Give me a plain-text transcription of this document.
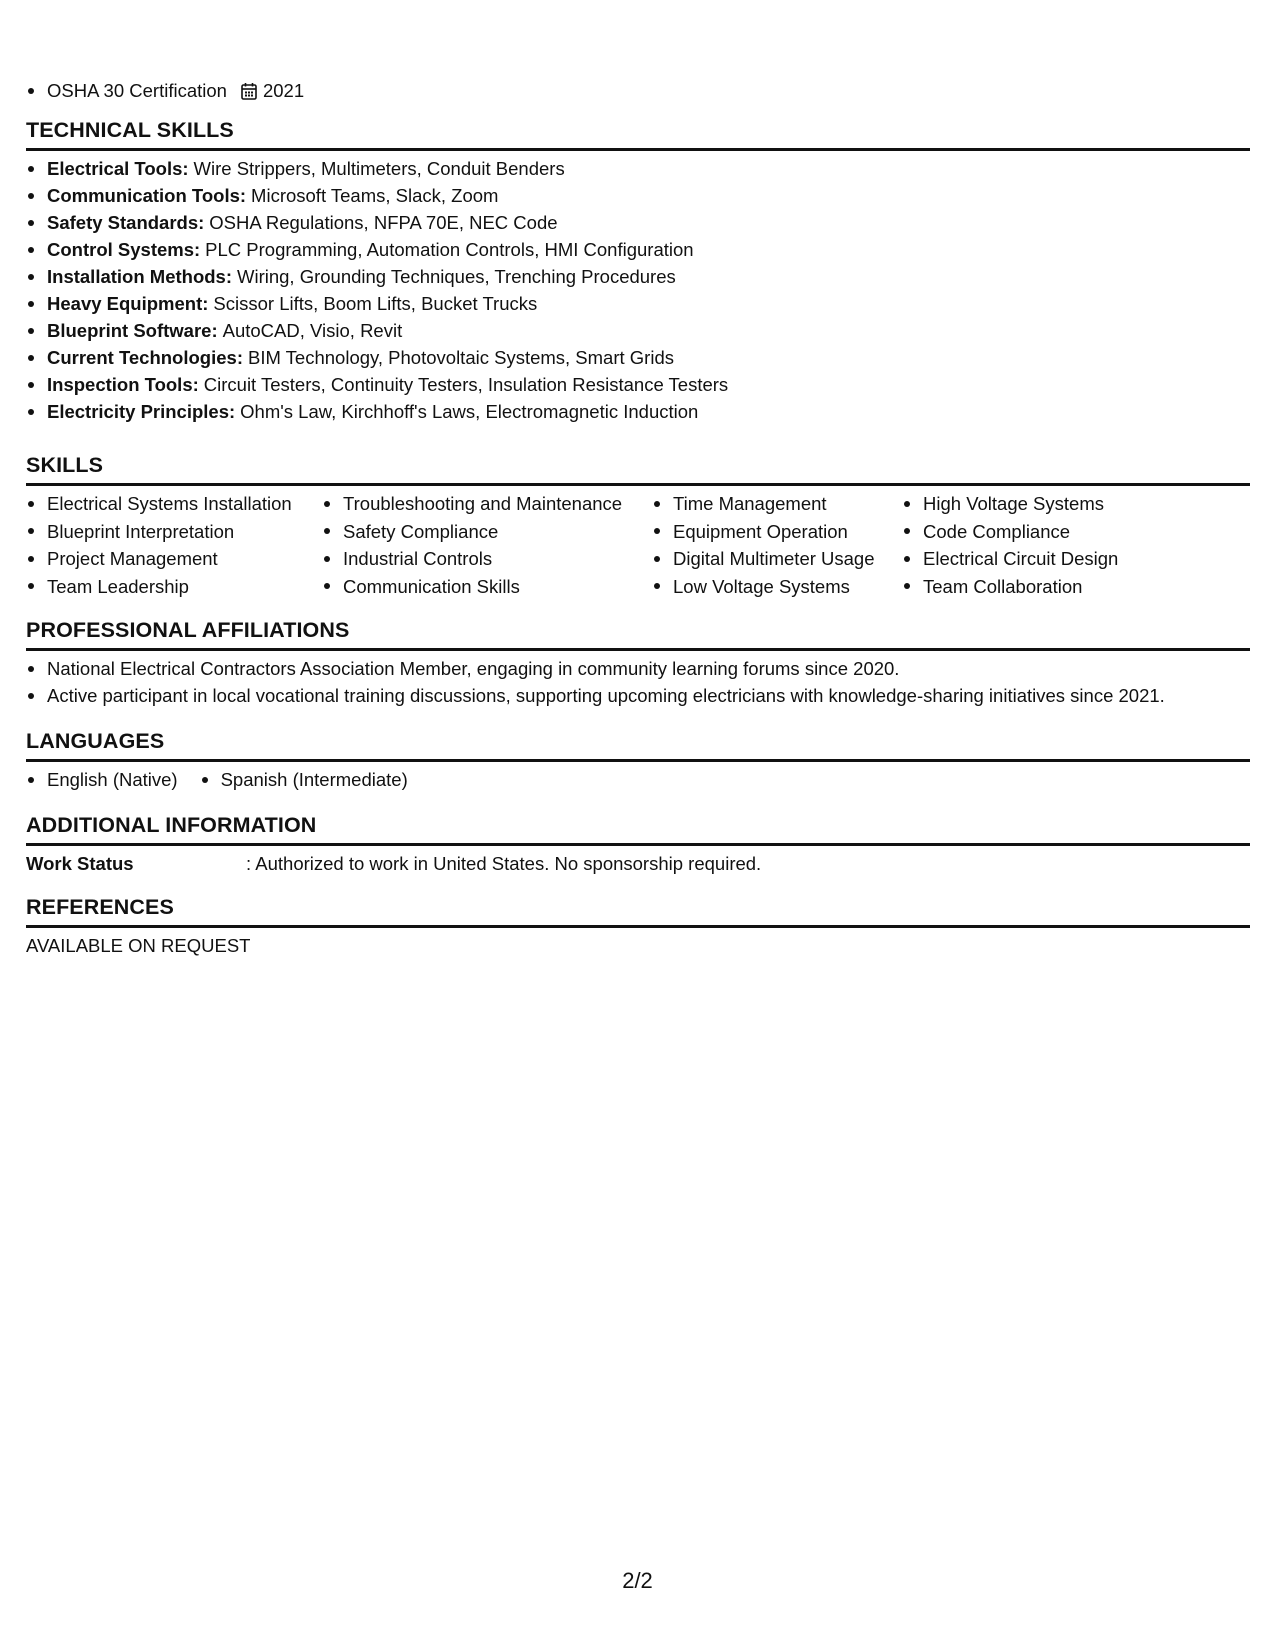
OSHA 30 Certification 2021
TECHNICAL SKILLS
Electrical Tools: Wire Strippers, Multimeters, Conduit Benders
Communication Tools: Microsoft Teams, Slack, Zoom
Safety Standards: OSHA Regulations, NFPA 70E, NEC Code
Control Systems: PLC Programming, Automation Controls, HMI Configuration
Installation Methods: Wiring, Grounding Techniques, Trenching Procedures
Heavy Equipment: Scissor Lifts, Boom Lifts, Bucket Trucks
Blueprint Software: AutoCAD, Visio, Revit
Current Technologies: BIM Technology, Photovoltaic Systems, Smart Grids
Inspection Tools: Circuit Testers, Continuity Testers, Insulation Resistance Testers
Electricity Principles: Ohm's Law, Kirchhoff's Laws, Electromagnetic Induction
SKILLS
Electrical Systems Installation
Blueprint Interpretation
Project Management
Team Leadership
Troubleshooting and Maintenance
Safety Compliance
Industrial Controls
Communication Skills
Time Management
Equipment Operation
Digital Multimeter Usage
Low Voltage Systems
High Voltage Systems
Code Compliance
Electrical Circuit Design
Team Collaboration
PROFESSIONAL AFFILIATIONS
National Electrical Contractors Association Member, engaging in community learning forums since 2020.
Active participant in local vocational training discussions, supporting upcoming electricians with knowledge-sharing initiatives since 2021.
LANGUAGES
English (Native) Spanish (Intermediate)
ADDITIONAL INFORMATION
Work Status	: Authorized to work in United States. No sponsorship required.
REFERENCES
AVAILABLE ON REQUEST
2/2
